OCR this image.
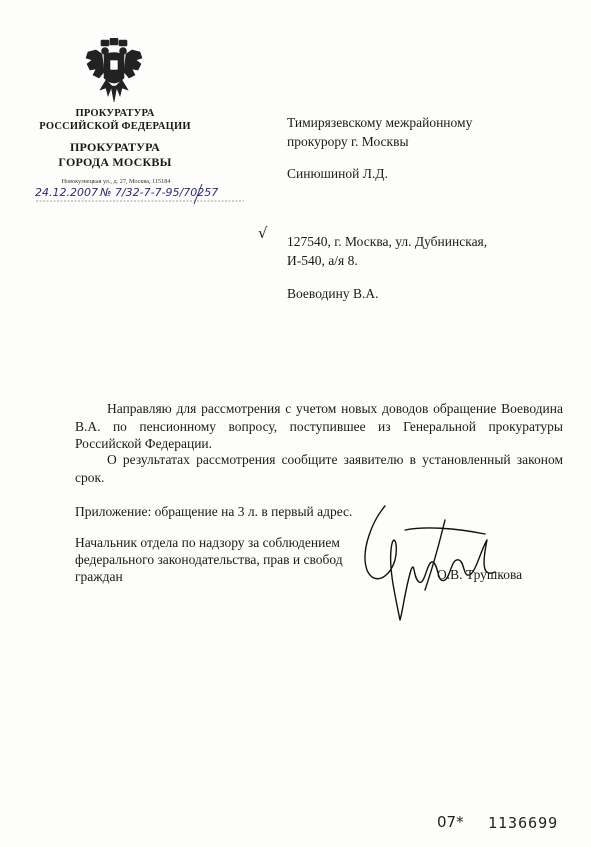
ПРОКУРАТУРА
РОССИЙСКОЙ ФЕДЕРАЦИИ
ПРОКУРАТУРА
ГОРОДА МОСКВЫ
Новокузнецкая ул., д. 27, Москва, 115184
24.12.2007 № 7/32-7-7-95/70257
Тимирязевскому межрайонному
прокурору г. Москвы
Синюшиной Л.Д.
√ 127540, г. Москва, ул. Дубнинская,
И-540, а/я 8.
Воеводину В.А.
Направляю для рассмотрения с учетом новых доводов обращение Воеводина В.А. по пенсионному вопросу, поступившее из Генеральной прокуратуры Российской Федерации.
О результатах рассмотрения сообщите заявителю в установленный законом срок.
Приложение: обращение на 3 л. в первый адрес.
Начальник отдела по надзору за соблюдением
федерального законодательства, прав и свобод
граждан	О.В. Трушкова
07* 1136699
